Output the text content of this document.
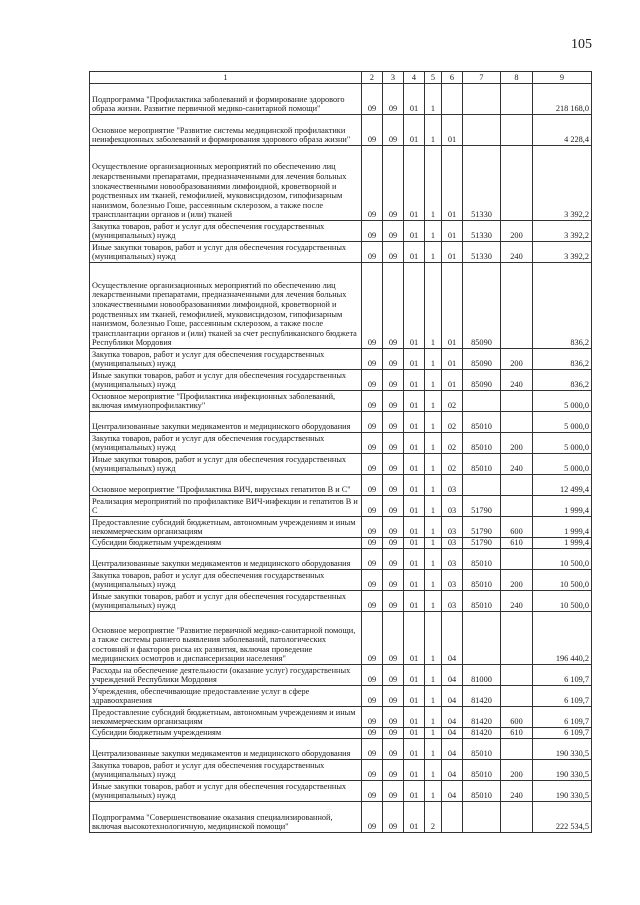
105
1	2	3	4	5	6	7	8	9
Подпрограмма "Профилактика заболеваний и формирование здорового образа жизни. Развитие первичной медико-санитарной помощи"	09	09	01	1				218 168,0
Основное мероприятие "Развитие системы медицинской профилактики неинфекционных заболеваний и формирования здорового образа жизни"	09	09	01	1	01			4 228,4
Осуществление организационных мероприятий по обеспечению лиц лекарственными препаратами, предназначенными для лечения больных злокачественными новообразованиями лимфоидной, кроветворной и родственных им тканей, гемофилией, муковисцидозом, гипофизарным нанизмом, болезнью Гоше, рассеянным склерозом, а также после трансплантации органов и (или) тканей	09	09	01	1	01	51330		3 392,2
Закупка товаров, работ и услуг для обеспечения государственных (муниципальных) нужд	09	09	01	1	01	51330	200	3 392,2
Иные закупки товаров, работ и услуг для обеспечения государственных (муниципальных) нужд	09	09	01	1	01	51330	240	3 392,2
Осуществление организационных мероприятий по обеспечению лиц лекарственными препаратами, предназначенными для лечения больных злокачественными новообразованиями лимфоидной, кроветворной и родственных им тканей, гемофилией, муковисцидозом, гипофизарным нанизмом, болезнью Гоше, рассеянным склерозом, а также после трансплантации органов и (или) тканей за счет республиканского бюджета Республики Мордовия	09	09	01	1	01	85090		836,2
Закупка товаров, работ и услуг для обеспечения государственных (муниципальных) нужд	09	09	01	1	01	85090	200	836,2
Иные закупки товаров, работ и услуг для обеспечения государственных (муниципальных) нужд	09	09	01	1	01	85090	240	836,2
Основное мероприятие "Профилактика инфекционных заболеваний, включая иммунопрофилактику"	09	09	01	1	02			5 000,0
Централизованные закупки медикаментов и медицинского оборудования	09	09	01	1	02	85010		5 000,0
Закупка товаров, работ и услуг для обеспечения государственных (муниципальных) нужд	09	09	01	1	02	85010	200	5 000,0
Иные закупки товаров, работ и услуг для обеспечения государственных (муниципальных) нужд	09	09	01	1	02	85010	240	5 000,0
Основное мероприятие "Профилактика ВИЧ, вирусных гепатитов В и С"	09	09	01	1	03			12 499,4
Реализация мероприятий по профилактике ВИЧ-инфекции и гепатитов В и С	09	09	01	1	03	51790		1 999,4
Предоставление субсидий бюджетным, автономным учреждениям и иным некоммерческим организациям	09	09	01	1	03	51790	600	1 999,4
Субсидии бюджетным учреждениям	09	09	01	1	03	51790	610	1 999,4
Централизованные закупки медикаментов и медицинского оборудования	09	09	01	1	03	85010		10 500,0
Закупка товаров, работ и услуг для обеспечения государственных (муниципальных) нужд	09	09	01	1	03	85010	200	10 500,0
Иные закупки товаров, работ и услуг для обеспечения государственных (муниципальных) нужд	09	09	01	1	03	85010	240	10 500,0
Основное мероприятие "Развитие первичной медико-санитарной помощи, а также системы раннего выявления заболеваний, патологических состояний и факторов риска их развития, включая проведение медицинских осмотров и диспансеризации населения"	09	09	01	1	04			196 440,2
Расходы на обеспечение деятельности (оказание услуг) государственных учреждений Республики Мордовия	09	09	01	1	04	81000		6 109,7
Учреждения, обеспечивающие предоставление услуг в сфере здравоохранения	09	09	01	1	04	81420		6 109,7
Предоставление субсидий бюджетным, автономным учреждениям и иным некоммерческим организациям	09	09	01	1	04	81420	600	6 109,7
Субсидии бюджетным учреждениям	09	09	01	1	04	81420	610	6 109,7
Централизованные закупки медикаментов и медицинского оборудования	09	09	01	1	04	85010		190 330,5
Закупка товаров, работ и услуг для обеспечения государственных (муниципальных) нужд	09	09	01	1	04	85010	200	190 330,5
Иные закупки товаров, работ и услуг для обеспечения государственных (муниципальных) нужд	09	09	01	1	04	85010	240	190 330,5
Подпрограмма "Совершенствование оказания специализированной, включая высокотехнологичную, медицинской помощи"	09	09	01	2				222 534,5
